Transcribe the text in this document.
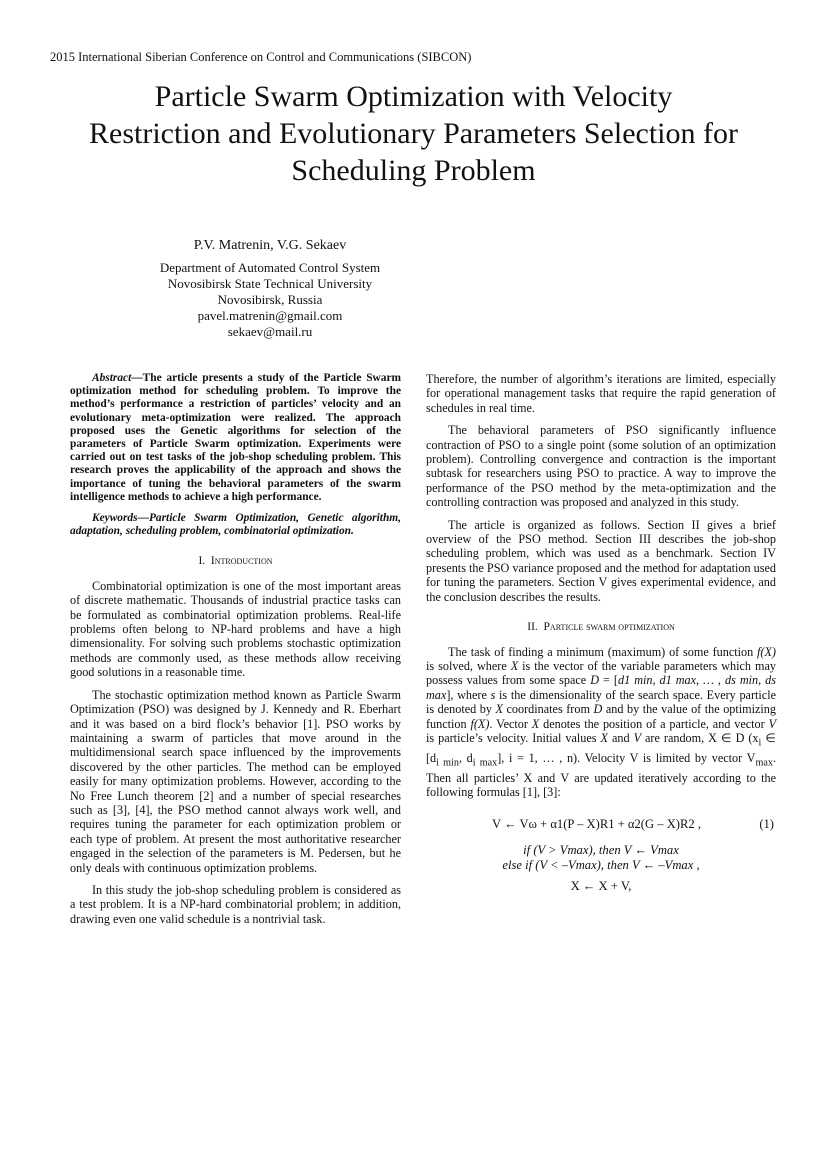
2015 International Siberian Conference on Control and Communications (SIBCON)
Particle Swarm Optimization with Velocity
Restriction and Evolutionary Parameters Selection for
Scheduling Problem
P.V. Matrenin, V.G. Sekaev
Department of Automated Control System
Novosibirsk State Technical University
Novosibirsk, Russia
pavel.matrenin@gmail.com
sekaev@mail.ru

Abstract—The article presents a study of the Particle Swarm optimization method for scheduling problem. To improve the method’s performance a restriction of particles’ velocity and an evolutionary meta-optimization were realized. The approach proposed uses the Genetic algorithms for selection of the parameters of Particle Swarm optimization. Experiments were carried out on test tasks of the job-shop scheduling problem. This research proves the applicability of the approach and shows the importance of tuning the behavioral parameters of the swarm intelligence methods to achieve a high performance.

Keywords—Particle Swarm Optimization, Genetic algorithm, adaptation, scheduling problem, combinatorial optimization.

I. Introduction

Combinatorial optimization is one of the most important areas of discrete mathematic. Thousands of industrial practice tasks can be formulated as combinatorial optimization problems. Real-life problems often belong to NP-hard problems and have a high dimensionality. For solving such problems stochastic optimization methods are commonly used, as these methods allow receiving good solutions in a reasonable time.

The stochastic optimization method known as Particle Swarm Optimization (PSO) was designed by J. Kennedy and R. Eberhart and it was based on a bird flock’s behavior [1]. PSO works by maintaining a swarm of particles that move around in the multidimensional search space influenced by the improvements discovered by the other particles. The method can be employed easily for many optimization problems. However, according to the No Free Lunch theorem [2] and a number of special researches such as [3], [4], the PSO method cannot always work well, and requires tuning the parameter for each optimization problem or each type of problem. At present the most authoritative researcher engaged in the selection of the parameters is M. Pedersen, but he only deals with continuous optimization problems.

In this study the job-shop scheduling problem is considered as a test problem. It is a NP-hard combinatorial problem; in addition, drawing even one valid schedule is a nontrivial task.

Therefore, the number of algorithm’s iterations are limited, especially for operational management tasks that require the rapid generation of schedules in real time.

The behavioral parameters of PSO significantly influence contraction of PSO to a single point (some solution of an optimization problem). Controlling convergence and contraction is the important subtask for researchers using PSO to practice. A way to improve the performance of the PSO method by the meta-optimization and the controlling contraction was proposed and analyzed in this study.

The article is organized as follows. Section II gives a brief overview of the PSO method. Section III describes the job-shop scheduling problem, which was used as a benchmark. Section IV presents the PSO variance proposed and the method for adaptation used for tuning the parameters. Section V gives experimental evidence, and the conclusion describes the results.

II. Particle swarm optimization

The task of finding a minimum (maximum) of some function f(X) is solved, where X is the vector of the variable parameters which may possess values from some space D = [d1 min, d1 max, … , ds min, ds max], where s is the dimensionality of the search space. Every particle is denoted by X coordinates from D and by the value of the optimizing function f(X). Vector X denotes the position of a particle, and vector V is particle’s velocity. Initial values X and V are random, X ∈ D ($x_i$ ∈ [$d_{i min}$, $d_{i max}$], i = 1, … , n). Velocity V is limited by vector $V_{max}$. Then all particles’ X and V are updated iteratively according to the following formulas [1], [3]:

V ← Vω + α1(P – X)R1 + α2(G – X)R2 ,	(1)
if (V > Vmax), then V ← Vmax
else if (V < –Vmax), then V ← –Vmax ,
X ← X + V,
